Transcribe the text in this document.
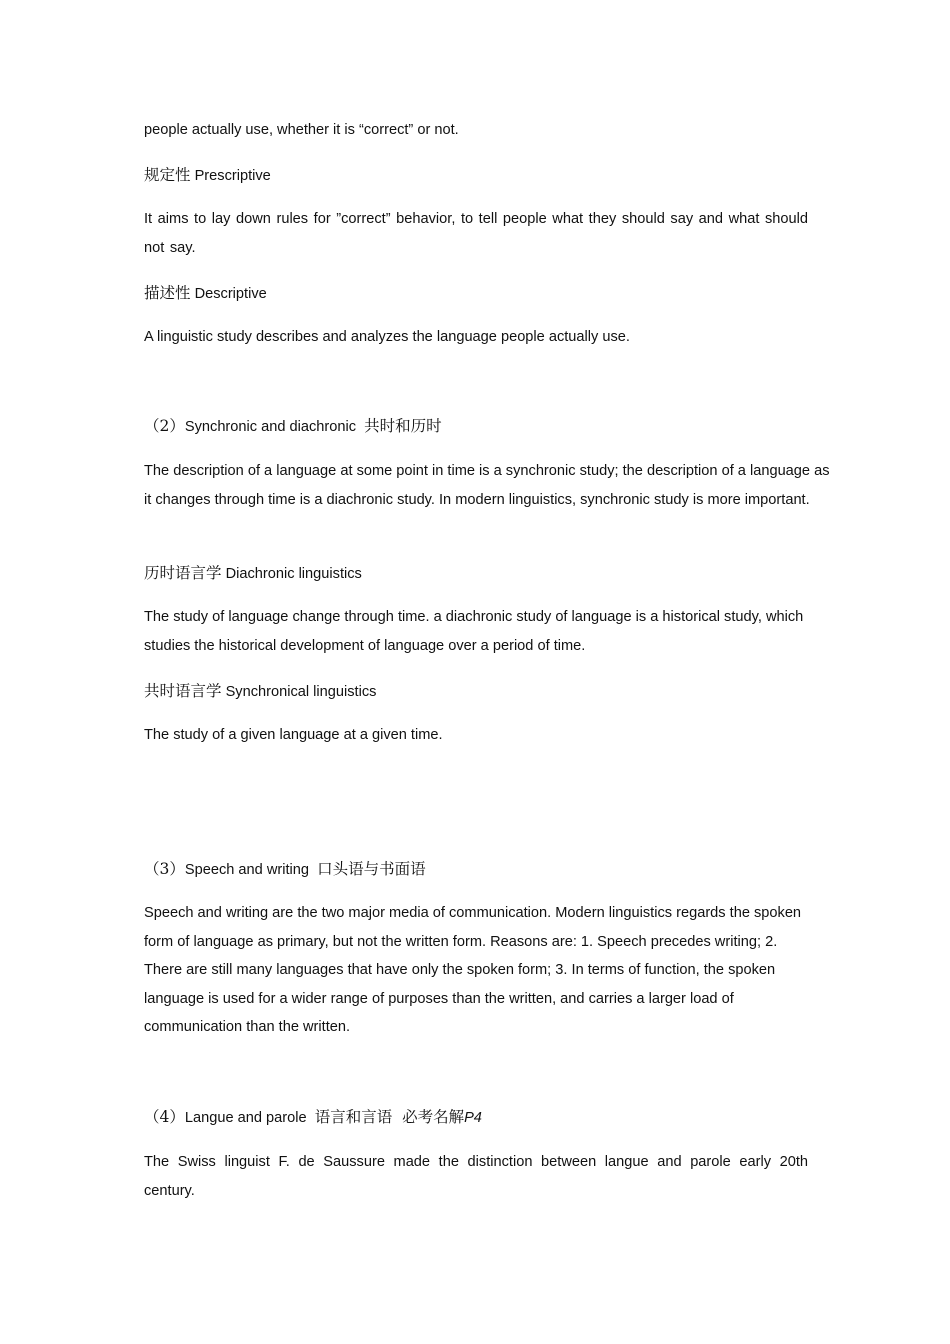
people actually use, whether it is “correct” or not.

规定性 Prescriptive

It aims to lay down rules for ”correct” behavior, to tell people what they should say and what should not say.

描述性 Descriptive

A linguistic study describes and analyzes the language people actually use.

（2）Synchronic and diachronic  共时和历时

The description of a language at some point in time is a synchronic study; the description of a language as it changes through time is a diachronic study. In modern linguistics, synchronic study is more important.

历时语言学 Diachronic linguistics

The study of language change through time. a diachronic study of language is a historical study, which studies the historical development of language over a period of time.

共时语言学 Synchronical linguistics

The study of a given language at a given time.

（3）Speech and writing  口头语与书面语

Speech and writing are the two major media of communication. Modern linguistics regards the spoken form of language as primary, but not the written form. Reasons are: 1. Speech precedes writing; 2. There are still many languages that have only the spoken form; 3. In terms of function, the spoken language is used for a wider range of purposes than the written, and carries a larger load of communication than the written.

（4）Langue and parole  语言和言语  必考名解P4

The Swiss linguist F. de Saussure made the distinction between langue and parole early 20th century.
